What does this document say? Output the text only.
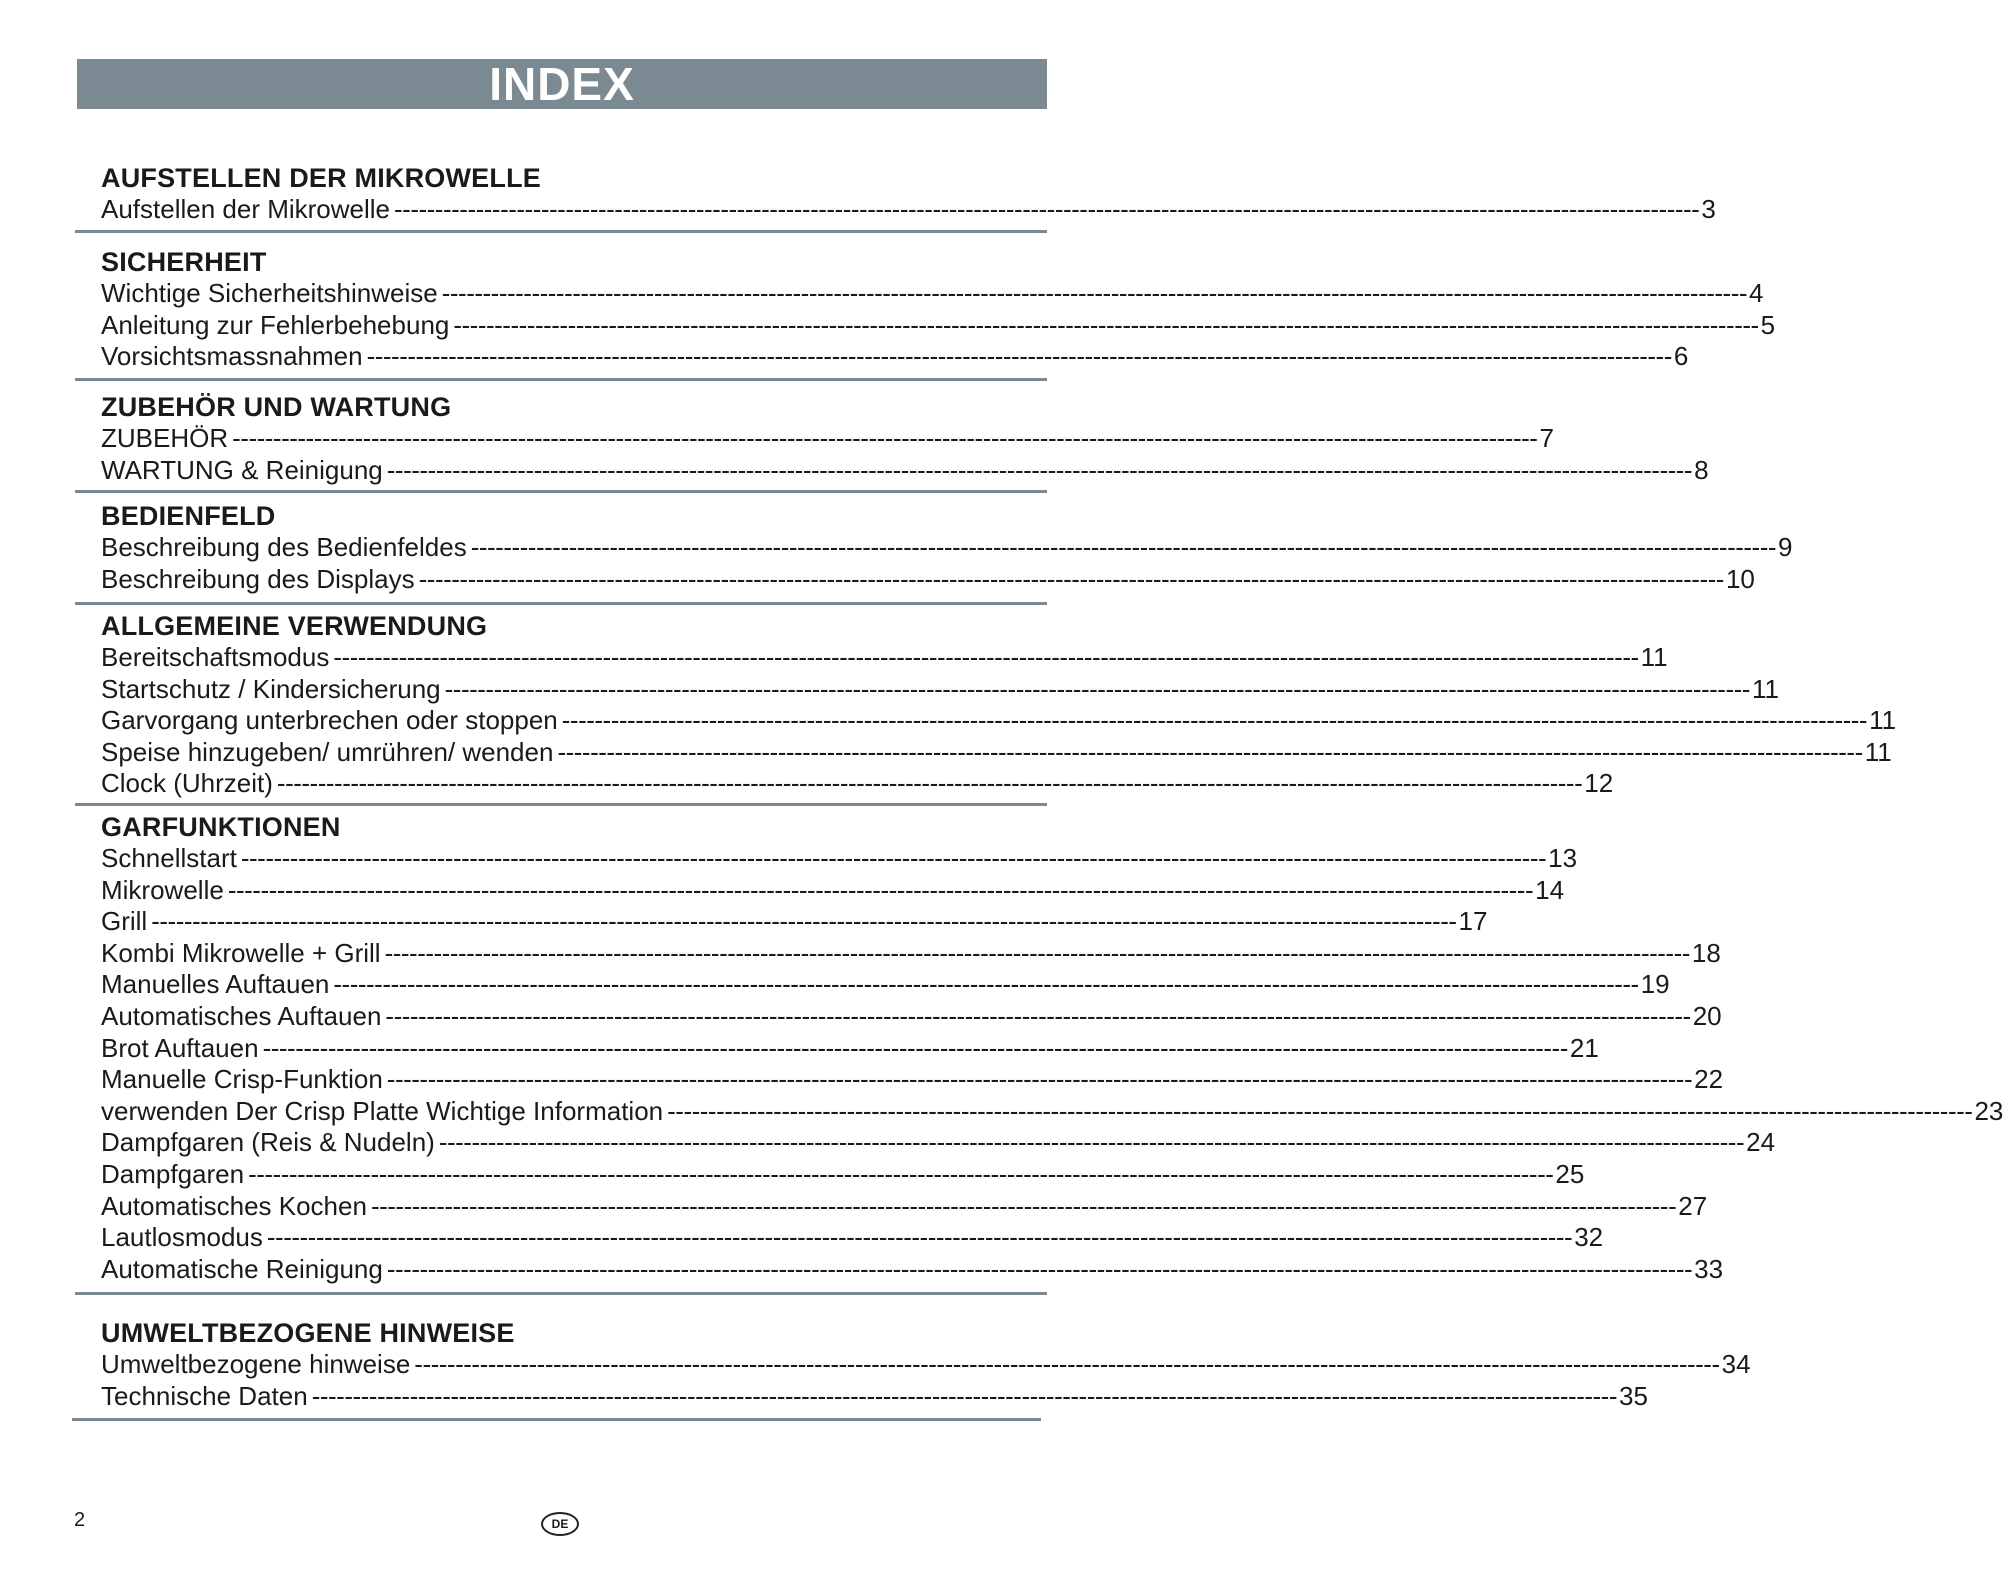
INDEX
AUFSTELLEN DER MIKROWELLE
Aufstellen der Mikrowelle ---------------------------------------------------------------------------------------------------------------------------------------------------------------- 3
SICHERHEIT
Wichtige Sicherheitshinweise ---------------------------------------------------------------------------------------------------------------------------------------------------------------- 4
Anleitung zur Fehlerbehebung ---------------------------------------------------------------------------------------------------------------------------------------------------------------- 5
Vorsichtsmassnahmen ---------------------------------------------------------------------------------------------------------------------------------------------------------------- 6
ZUBEHÖR UND WARTUNG
ZUBEHÖR ---------------------------------------------------------------------------------------------------------------------------------------------------------------- 7
WARTUNG & Reinigung ---------------------------------------------------------------------------------------------------------------------------------------------------------------- 8
BEDIENFELD
Beschreibung des Bedienfeldes ---------------------------------------------------------------------------------------------------------------------------------------------------------------- 9
Beschreibung des Displays ---------------------------------------------------------------------------------------------------------------------------------------------------------------- 10
ALLGEMEINE VERWENDUNG
Bereitschaftsmodus ---------------------------------------------------------------------------------------------------------------------------------------------------------------- 11
Startschutz / Kindersicherung ---------------------------------------------------------------------------------------------------------------------------------------------------------------- 11
Garvorgang unterbrechen oder stoppen ---------------------------------------------------------------------------------------------------------------------------------------------------------------- 11
Speise hinzugeben/ umrühren/ wenden ---------------------------------------------------------------------------------------------------------------------------------------------------------------- 11
Clock (Uhrzeit) ---------------------------------------------------------------------------------------------------------------------------------------------------------------- 12
GARFUNKTIONEN
Schnellstart ---------------------------------------------------------------------------------------------------------------------------------------------------------------- 13
Mikrowelle ---------------------------------------------------------------------------------------------------------------------------------------------------------------- 14
Grill ---------------------------------------------------------------------------------------------------------------------------------------------------------------- 17
Kombi Mikrowelle + Grill ---------------------------------------------------------------------------------------------------------------------------------------------------------------- 18
Manuelles Auftauen ---------------------------------------------------------------------------------------------------------------------------------------------------------------- 19
Automatisches Auftauen ---------------------------------------------------------------------------------------------------------------------------------------------------------------- 20
Brot Auftauen ---------------------------------------------------------------------------------------------------------------------------------------------------------------- 21
Manuelle Crisp-Funktion ---------------------------------------------------------------------------------------------------------------------------------------------------------------- 22
verwenden Der Crisp Platte Wichtige Information ---------------------------------------------------------------------------------------------------------------------------------------------------------------- 23
Dampfgaren (Reis & Nudeln) ---------------------------------------------------------------------------------------------------------------------------------------------------------------- 24
Dampfgaren ---------------------------------------------------------------------------------------------------------------------------------------------------------------- 25
Automatisches Kochen ---------------------------------------------------------------------------------------------------------------------------------------------------------------- 27
Lautlosmodus ---------------------------------------------------------------------------------------------------------------------------------------------------------------- 32
Automatische Reinigung ---------------------------------------------------------------------------------------------------------------------------------------------------------------- 33
UMWELTBEZOGENE HINWEISE
Umweltbezogene hinweise ---------------------------------------------------------------------------------------------------------------------------------------------------------------- 34
Technische Daten ---------------------------------------------------------------------------------------------------------------------------------------------------------------- 35
2	DE
